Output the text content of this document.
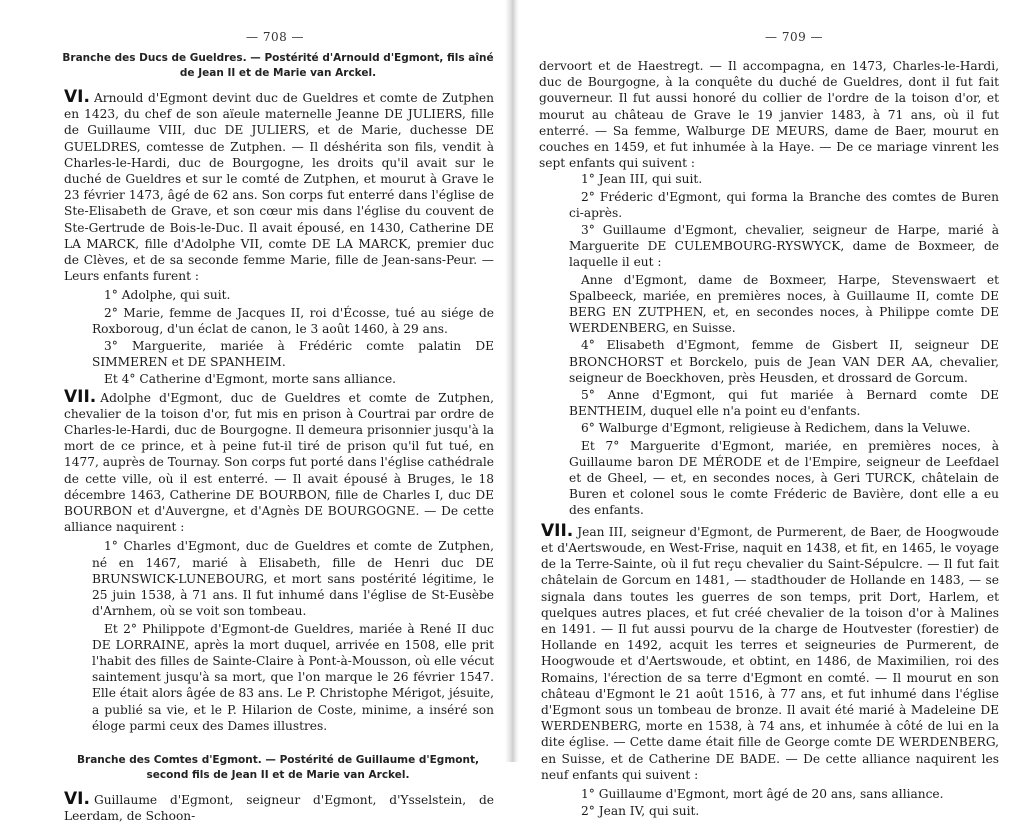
— 708 —
Branche des Ducs de Gueldres. — Postérité d'Arnould d'Egmont, fils aîné de Jean II et de Marie van Arckel.
VI. Arnould d'Egmont devint duc de Gueldres et comte de Zutphen en 1423, du chef de son aïeule maternelle Jeanne DE JULIERS, fille de Guillaume VIII, duc DE JULIERS, et de Marie, duchesse DE GUELDRES, comtesse de Zutphen. — Il déshérita son fils, vendit à Charles-le-Hardi, duc de Bourgogne, les droits qu'il avait sur le duché de Gueldres et sur le comté de Zutphen, et mourut à Grave le 23 février 1473, âgé de 62 ans. Son corps fut enterré dans l'église de Ste-Elisabeth de Grave, et son cœur mis dans l'église du couvent de Ste-Gertrude de Bois-le-Duc. Il avait épousé, en 1430, Catherine DE LA MARCK, fille d'Adolphe VII, comte DE LA MARCK, premier duc de Clèves, et de sa seconde femme Marie, fille de Jean-sans-Peur. — Leurs enfants furent :
1° Adolphe, qui suit.
2° Marie, femme de Jacques II, roi d'Écosse, tué au siége de Roxboroug, d'un éclat de canon, le 3 août 1460, à 29 ans.
3° Marguerite, mariée à Frédéric comte palatin DE SIMMEREN et DE SPANHEIM.
Et 4° Catherine d'Egmont, morte sans alliance.
VII. Adolphe d'Egmont, duc de Gueldres et comte de Zutphen, chevalier de la toison d'or, fut mis en prison à Courtrai par ordre de Charles-le-Hardi, duc de Bourgogne. Il demeura prisonnier jusqu'à la mort de ce prince, et à peine fut-il tiré de prison qu'il fut tué, en 1477, auprès de Tournay. Son corps fut porté dans l'église cathédrale de cette ville, où il est enterré. — Il avait épousé à Bruges, le 18 décembre 1463, Catherine DE BOURBON, fille de Charles I, duc DE BOURBON et d'Auvergne, et d'Agnès DE BOURGOGNE. — De cette alliance naquirent :
1° Charles d'Egmont, duc de Gueldres et comte de Zutphen, né en 1467, marié à Elisabeth, fille de Henri duc DE BRUNSWICK-LUNEBOURG, et mort sans postérité légitime, le 25 juin 1538, à 71 ans. Il fut inhumé dans l'église de St-Eusèbe d'Arnhem, où se voit son tombeau.
Et 2° Philippote d'Egmont-de Gueldres, mariée à René II duc DE LORRAINE, après la mort duquel, arrivée en 1508, elle prit l'habit des filles de Sainte-Claire à Pont-à-Mousson, où elle vécut saintement jusqu'à sa mort, que l'on marque le 26 février 1547. Elle était alors âgée de 83 ans. Le P. Christophe Mérigot, jésuite, a publié sa vie, et le P. Hilarion de Coste, minime, a inséré son éloge parmi ceux des Dames illustres.
Branche des Comtes d'Egmont. — Postérité de Guillaume d'Egmont, second fils de Jean II et de Marie van Arckel.
VI. Guillaume d'Egmont, seigneur d'Egmont, d'Ysselstein, de Leerdam, de Schoon-
— 709 —

dervoort et de Haestregt. — Il accompagna, en 1473, Charles-le-Hardi, duc de Bourgogne, à la conquête du duché de Gueldres, dont il fut fait gouverneur. Il fut aussi honoré du collier de l'ordre de la toison d'or, et mourut au château de Grave le 19 janvier 1483, à 71 ans, où il fut enterré. — Sa femme, Walburge DE MEURS, dame de Baer, mourut en couches en 1459, et fut inhumée à la Haye. — De ce mariage vinrent les sept enfants qui suivent :

1° Jean III, qui suit.
2° Fréderic d'Egmont, qui forma la Branche des comtes de Buren ci-après.
3° Guillaume d'Egmont, chevalier, seigneur de Harpe, marié à Marguerite DE CULEMBOURG-RYSWYCK, dame de Boxmeer, de laquelle il eut :
Anne d'Egmont, dame de Boxmeer, Harpe, Stevenswaert et Spalbeeck, mariée, en premières noces, à Guillaume II, comte DE BERG EN ZUTPHEN, et, en secondes noces, à Philippe comte DE WERDENBERG, en Suisse.
4° Elisabeth d'Egmont, femme de Gisbert II, seigneur DE BRONCHORST et Borckelo, puis de Jean VAN DER AA, chevalier, seigneur de Boeckhoven, près Heusden, et drossard de Gorcum.
5° Anne d'Egmont, qui fut mariée à Bernard comte DE BENTHEIM, duquel elle n'a point eu d'enfants.
6° Walburge d'Egmont, religieuse à Redichem, dans la Veluwe.
Et 7° Marguerite d'Egmont, mariée, en premières noces, à Guillaume baron DE MÉRODE et de l'Empire, seigneur de Leefdael et de Gheel, — et, en secondes noces, à Geri TURCK, châtelain de Buren et colonel sous le comte Fréderic de Bavière, dont elle a eu des enfants.
VII. Jean III, seigneur d'Egmont, de Purmerent, de Baer, de Hoogwoude et d'Aertswoude, en West-Frise, naquit en 1438, et fit, en 1465, le voyage de la Terre-Sainte, où il fut reçu chevalier du Saint-Sépulcre. — Il fut fait châtelain de Gorcum en 1481, — stadthouder de Hollande en 1483, — se signala dans toutes les guerres de son temps, prit Dort, Harlem, et quelques autres places, et fut créé chevalier de la toison d'or à Malines en 1491. — Il fut aussi pourvu de la charge de Houtvester (forestier) de Hollande en 1492, acquit les terres et seigneuries de Purmerent, de Hoogwoude et d'Aertswoude, et obtint, en 1486, de Maximilien, roi des Romains, l'érection de sa terre d'Egmont en comté. — Il mourut en son château d'Egmont le 21 août 1516, à 77 ans, et fut inhumé dans l'église d'Egmont sous un tombeau de bronze. Il avait été marié à Madeleine DE WERDENBERG, morte en 1538, à 74 ans, et inhumée à côté de lui en la dite église. — Cette dame était fille de George comte DE WERDENBERG, en Suisse, et de Catherine DE BADE. — De cette alliance naquirent les neuf enfants qui suivent :
1° Guillaume d'Egmont, mort âgé de 20 ans, sans alliance.
2° Jean IV, qui suit.
